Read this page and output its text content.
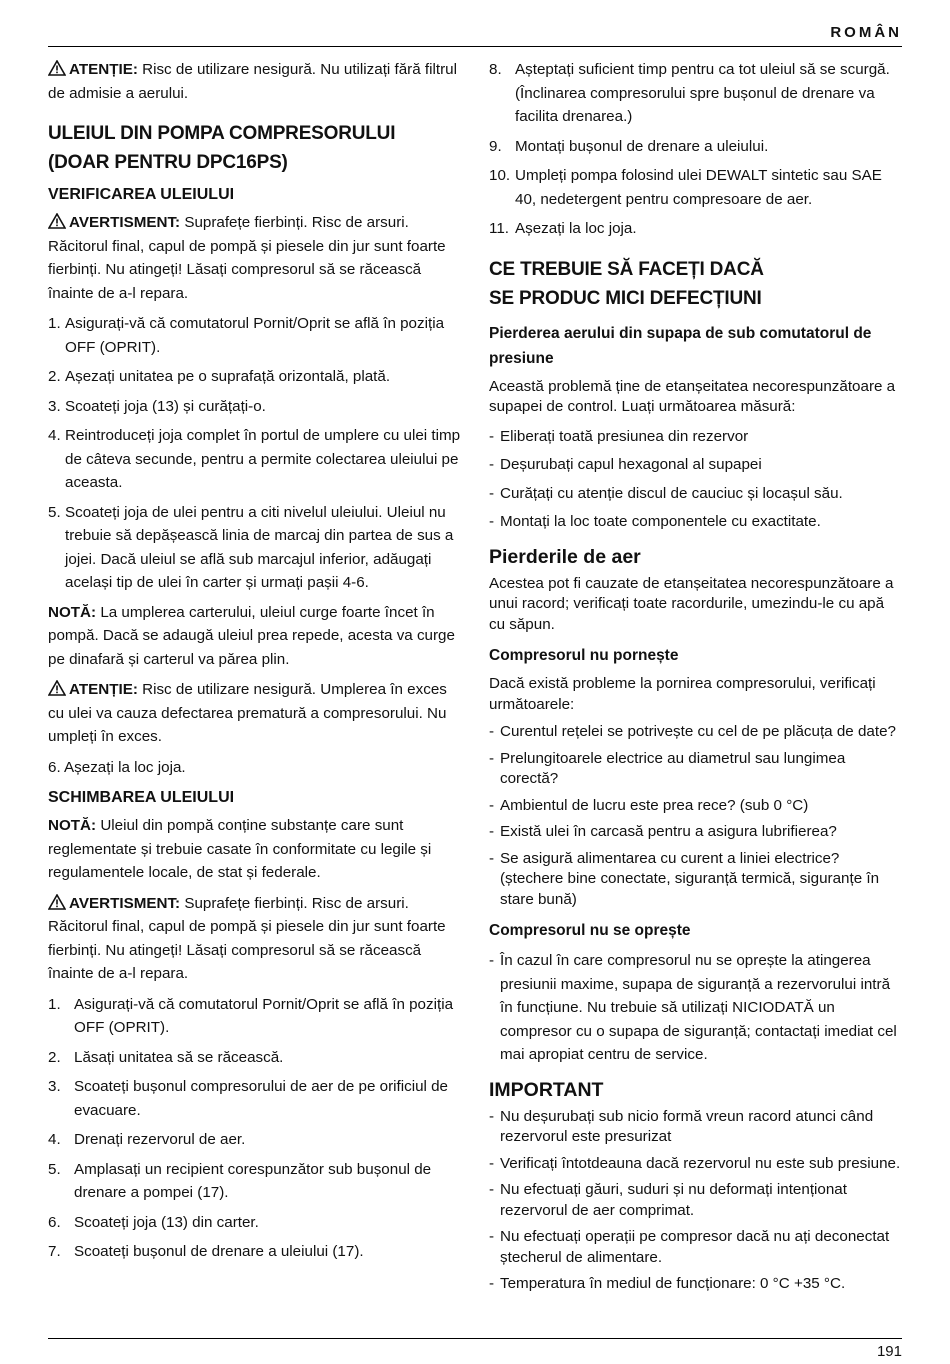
ROMÂN

ATENȚIE: Risc de utilizare nesigură. Nu utilizați fără filtrul de admisie a aerului.

ULEIUL DIN POMPA COMPRESORULUI
(DOAR PENTRU DPC16PS)
VERIFICAREA ULEIULUI

AVERTISMENT: Suprafețe fierbinți. Risc de arsuri. Răcitorul final, capul de pompă și piesele din jur sunt foarte fierbinți. Nu atingeți! Lăsați compresorul să se răcească înainte de a-l repara.

1. Asigurați-vă că comutatorul Pornit/Oprit se află în poziția OFF (OPRIT).
2. Așezați unitatea pe o suprafață orizontală, plată.
3. Scoateți joja (13) și curățați-o.
4. Reintroduceți joja complet în portul de umplere cu ulei timp de câteva secunde, pentru a permite colectarea uleiului pe aceasta.
5. Scoateți joja de ulei pentru a citi nivelul uleiului. Uleiul nu trebuie să depășească linia de marcaj din partea de sus a jojei. Dacă uleiul se află sub marcajul inferior, adăugați același tip de ulei în carter și urmați pașii 4-6.

NOTĂ: La umplerea carterului, uleiul curge foarte încet în pompă. Dacă se adaugă uleiul prea repede, acesta va curge pe dinafară și carterul va părea plin.

ATENȚIE: Risc de utilizare nesigură. Umplerea în exces cu ulei va cauza defectarea prematură a compresorului. Nu umpleți în exces.

6. Așezați la loc joja.

SCHIMBAREA ULEIULUI

NOTĂ: Uleiul din pompă conține substanțe care sunt reglementate și trebuie casate în conformitate cu legile și regulamentele locale, de stat și federale.

AVERTISMENT: Suprafețe fierbinți. Risc de arsuri. Răcitorul final, capul de pompă și piesele din jur sunt foarte fierbinți. Nu atingeți! Lăsați compresorul să se răcească înainte de a-l repara.

1. Asigurați-vă că comutatorul Pornit/Oprit se află în poziția OFF (OPRIT).
2. Lăsați unitatea să se răcească.
3. Scoateți bușonul compresorului de aer de pe orificiul de evacuare.
4. Drenați rezervorul de aer.
5. Amplasați un recipient corespunzător sub bușonul de drenare a pompei (17).
6. Scoateți joja (13) din carter.
7. Scoateți bușonul de drenare a uleiului (17).
8. Așteptați suficient timp pentru ca tot uleiul să se scurgă. (Înclinarea compresorului spre bușonul de drenare va facilita drenarea.)
9. Montați bușonul de drenare a uleiului.
10. Umpleți pompa folosind ulei DEWALT sintetic sau SAE 40, nedetergent pentru compresoare de aer.
11. Așezați la loc joja.
CE TREBUIE SĂ FACEȚI DACĂ
SE PRODUC MICI DEFECȚIUNI
Pierderea aerului din supapa de sub comutatorul de presiune

Această problemă ține de etanșeitatea necorespunzătoare a supapei de control. Luați următoarea măsură:

- Eliberați toată presiunea din rezervor
- Deșurubați capul hexagonal al supapei
- Curățați cu atenție discul de cauciuc și locașul său.
- Montați la loc toate componentele cu exactitate.
Pierderile de aer

Acestea pot fi cauzate de etanșeitatea necorespunzătoare a unui racord; verificați toate racordurile, umezindu-le cu apă cu săpun.

Compresorul nu pornește

Dacă există probleme la pornirea compresorului, verificați următoarele:

- Curentul rețelei se potrivește cu cel de pe plăcuța de date?
- Prelungitoarele electrice au diametrul sau lungimea corectă?
- Ambientul de lucru este prea rece? (sub 0 °C)
- Există ulei în carcasă pentru a asigura lubrifierea?
- Se asigură alimentarea cu curent a liniei electrice? (ștechere bine conectate, siguranță termică, siguranțe în stare bună)
Compresorul nu se oprește
- În cazul în care compresorul nu se oprește la atingerea presiunii maxime, supapa de siguranță a rezervorului intră în funcțiune. Nu trebuie să utilizați NICIODATĂ un compresor cu o supapa de siguranță; contactați imediat cel mai apropiat centru de service.
IMPORTANT
- Nu deșurubați sub nicio formă vreun racord atunci când rezervorul este presurizat
- Verificați întotdeauna dacă rezervorul nu este sub presiune.
- Nu efectuați găuri, suduri și nu deformați intenționat rezervorul de aer comprimat.
- Nu efectuați operații pe compresor dacă nu ați deconectat ștecherul de alimentare.
- Temperatura în mediul de funcționare: 0 °C +35 °C.
191
